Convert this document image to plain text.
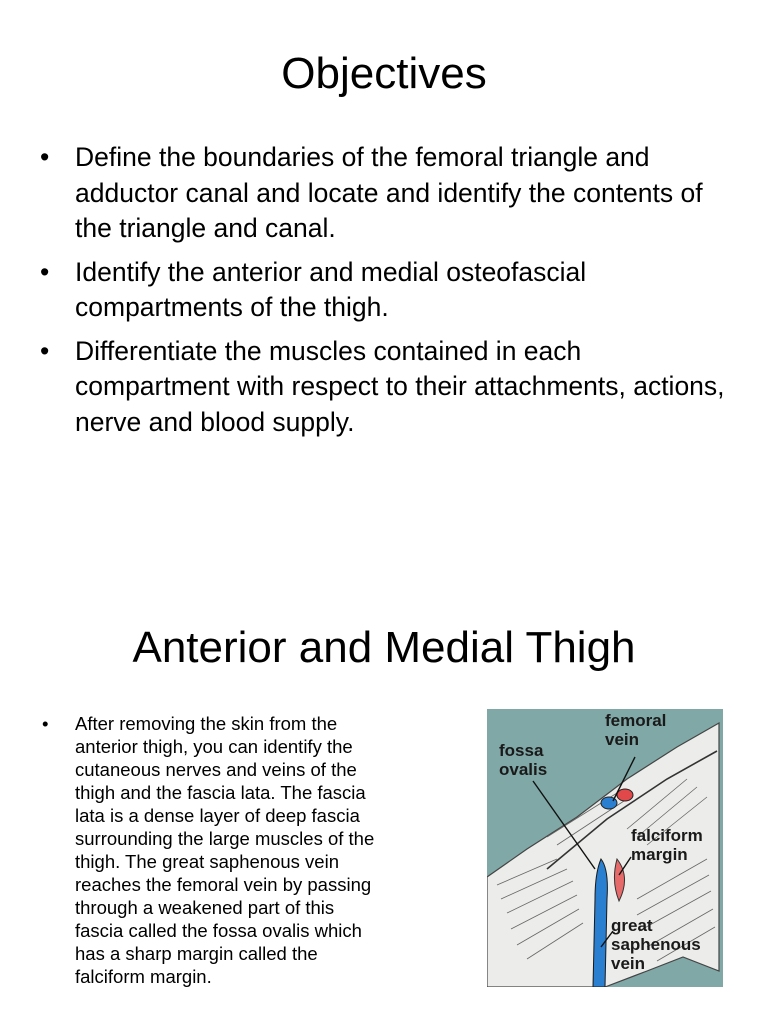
Objectives
• Define the boundaries of the femoral triangle and adductor canal and locate and identify the contents of the triangle and canal.
• Identify the anterior and medial osteofascial compartments of the thigh.
• Differentiate the muscles contained in each compartment with respect to their attachments, actions, nerve and blood supply.
Anterior and Medial Thigh
• After removing the skin from the anterior thigh, you can identify the cutaneous nerves and veins of the thigh and the fascia lata. The fascia lata is a dense layer of deep fascia surrounding the large muscles of the thigh. The great saphenous vein reaches the femoral vein by passing through a weakened part of this fascia called the fossa ovalis which has a sharp margin called the falciform margin.
femoral
vein
fossa
ovalis
falciform
margin
great
saphenous
vein
